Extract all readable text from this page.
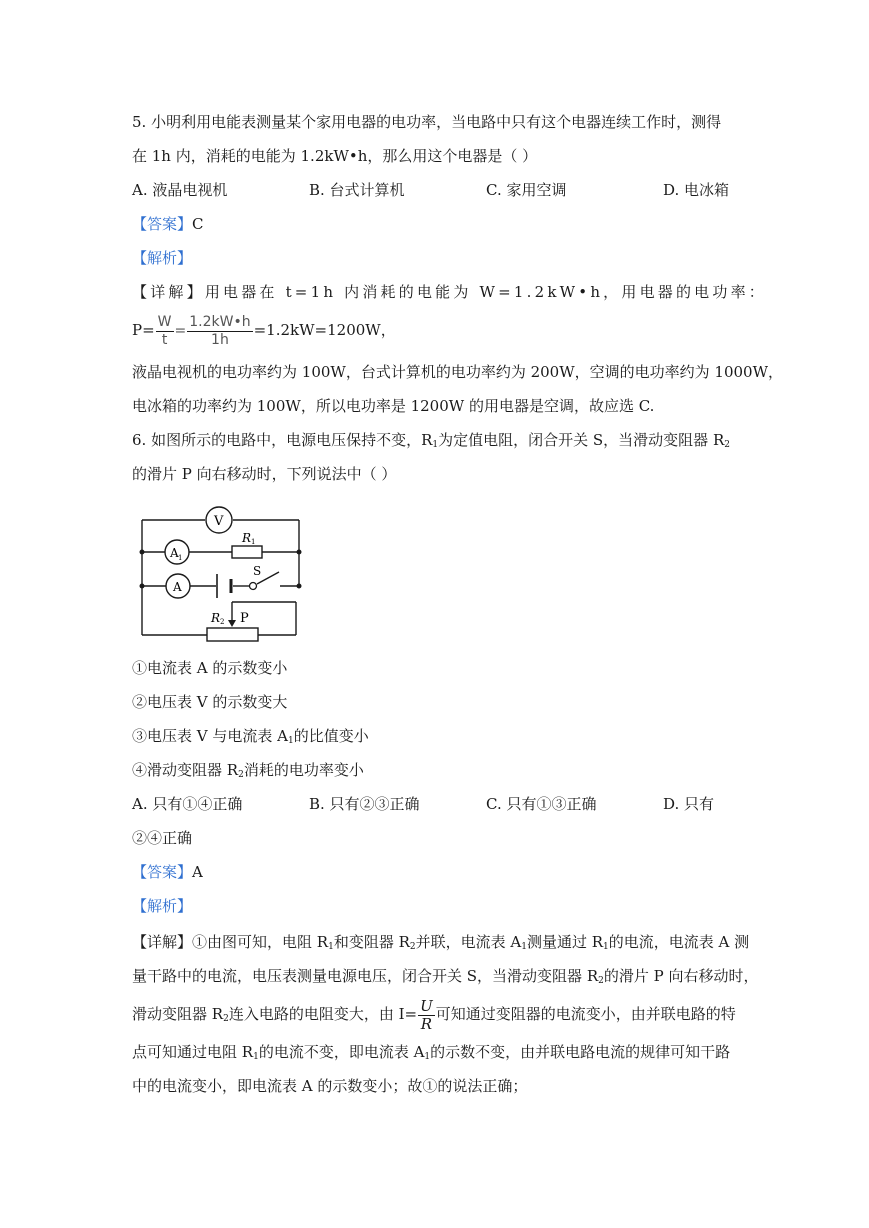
5. 小明利用电能表测量某个家用电器的电功率，当电路中只有这个电器连续工作时，测得
在 1h 内，消耗的电能为 1.2kW•h，那么用这个电器是（ ）
A. 液晶电视机	B. 台式计算机	C. 家用空调	D. 电冰箱
【答案】C
【解析】
【详解】用电器在 t=1h 内消耗的电能为 W=1.2kW•h，用电器的电功率：
$P= \frac{W}{t} = \frac{1.2kW•h}{1h} =1.2kW=1200W$，
液晶电视机的电功率约为 100W，台式计算机的电功率约为 200W，空调的电功率约为 1000W，
电冰箱的功率约为 100W，所以电功率是 1200W 的用电器是空调，故应选 C.
6. 如图所示的电路中，电源电压保持不变，$R_1$为定值电阻，闭合开关 S，当滑动变阻器 $R_2$
的滑片 P 向右移动时，下列说法中（ ）
V
A 1
R 1
A
S
R 2 P
①电流表 A 的示数变小
②电压表 V 的示数变大
③电压表 V 与电流表 $A_1$的比值变小
④滑动变阻器 $R_2$消耗的电功率变小
A. 只有①④正确	B. 只有②③正确	C. 只有①③正确	D. 只有
②④正确
【答案】A
【解析】
【详解】①由图可知，电阻 $R_1$和变阻器 $R_2$并联，电流表 $A_1$测量通过 $R_1$的电流，电流表 A 测
量干路中的电流，电压表测量电源电压，闭合开关 S，当滑动变阻器 $R_2$的滑片 P 向右移动时，
滑动变阻器 $R_2$连入电路的电阻变大，由 $I= \frac{U}{R}$ 可知通过变阻器的电流变小，由并联电路的特
点可知通过电阻 $R_1$的电流不变，即电流表 $A_1$的示数不变，由并联电路电流的规律可知干路
中的电流变小，即电流表 A 的示数变小；故①的说法正确；
